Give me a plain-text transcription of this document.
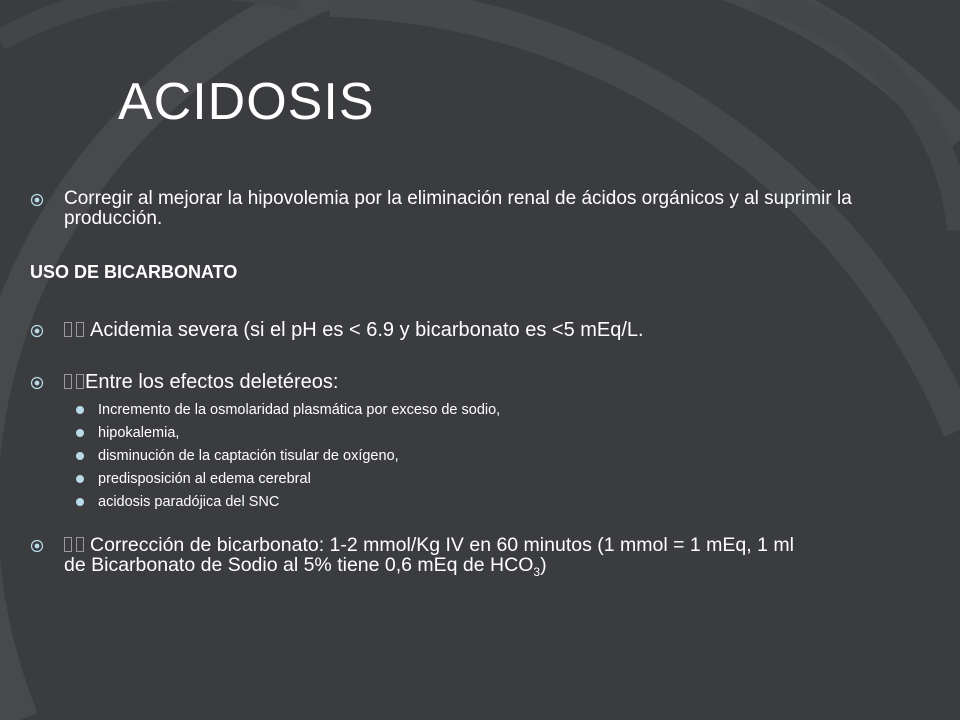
ACIDOSIS
Corregir al mejorar la hipovolemia por la eliminación renal de ácidos orgánicos y al suprimir la producción.
USO DE BICARBONATO
Acidemia severa (si el pH es < 6.9 y bicarbonato es <5 mEq/L.
Entre los efectos deletéreos:
Incremento de la osmolaridad plasmática por exceso de sodio,
hipokalemia,
disminución de la captación tisular de oxígeno,
predisposición al edema cerebral
acidosis paradójica del SNC
Corrección de bicarbonato: 1-2 mmol/Kg IV en 60 minutos (1 mmol = 1 mEq, 1 ml
de Bicarbonato de Sodio al 5% tiene 0,6 mEq de $HCO_3$)
